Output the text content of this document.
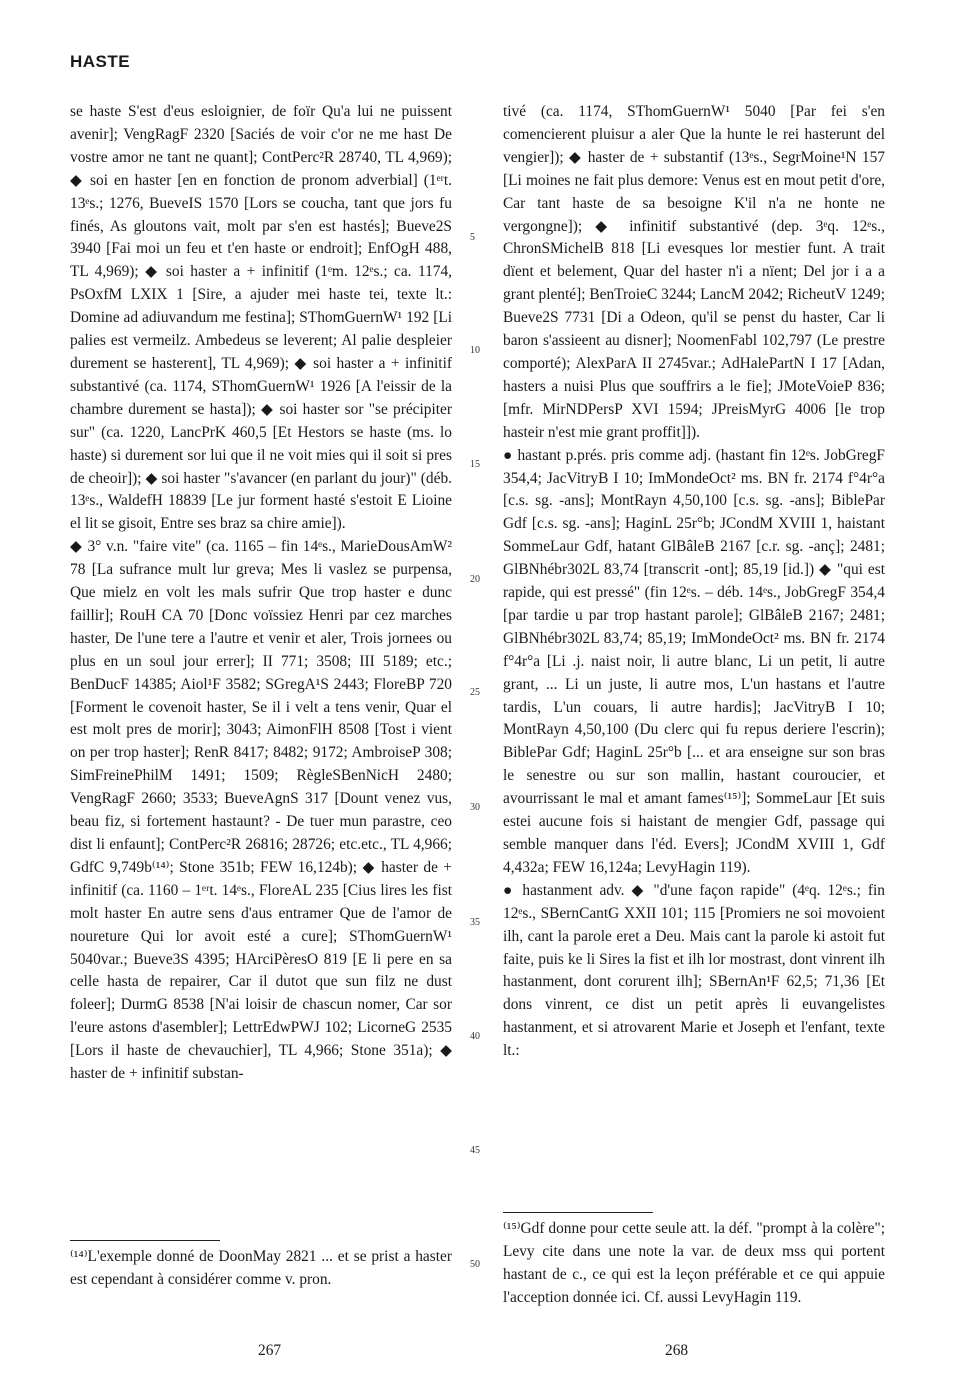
HASTE

se haste S'est d'eus esloignier, de foïr Qu'a lui ne puissent avenir]; VengRagF 2320 [Saciés de voir c'or ne me hast De vostre amor ne tant ne quant]; ContPerc²R 28740, TL 4,969); ◆ soi en haster [en en fonction de pronom adverbial] (1ᵉʳt. 13ᵉs.; 1276, BueveIS 1570 [Lors se coucha, tant que jors fu finés, As gloutons vait, molt par s'en est hastés]; Bueve2S 3940 [Fai moi un feu et t'en haste or endroit]; EnfOgH 488, TL 4,969); ◆ soi haster a + infinitif (1ᵉm. 12ᵉs.; ca. 1174, PsOxfM LXIX 1 [Sire, a ajuder mei haste tei, texte lt.: Domine ad adiuvandum me festina]; SThomGuernW¹ 192 [Li palies est vermeilz. Ambedeus se leverent; Al palie despleier durement se hasterent], TL 4,969); ◆ soi haster a + infinitif substantivé (ca. 1174, SThomGuernW¹ 1926 [A l'eissir de la chambre durement se hasta]); ◆ soi haster sor "se précipiter sur" (ca. 1220, LancPrK 460,5 [Et Hestors se haste (ms. lo haste) si durement sor lui que il ne voit mies qui il soit si pres de cheoir]); ◆ soi haster "s'avancer (en parlant du jour)" (déb. 13ᵉs., WaldefH 18839 [Le jur forment hasté s'estoit E Lioine el lit se gisoit, Entre ses braz sa chire amie]).

◆ 3° v.n. "faire vite" (ca. 1165 – fin 14ᵉs., MarieDousAmW² 78 [La sufrance mult lur greva; Mes li vaslez se purpensa, Que mielz en volt les mals sufrir Que trop haster e dunc faillir]; RouH CA 70 [Donc voïssiez Henri par cez marches haster, De l'une tere a l'autre et venir et aler, Trois jornees ou plus en un soul jour errer]; II 771; 3508; III 5189; etc.; BenDucF 14385; Aiol¹F 3582; SGregA¹S 2443; FloreBP 720 [Forment le covenoit haster, Se il i velt a tens venir, Quar el est molt pres de morir]; 3043; AimonFlH 8508 [Tost i vient on per trop haster]; RenR 8417; 8482; 9172; AmbroiseP 308; SimFreinePhilM 1491; 1509; RègleSBenNicH 2480; VengRagF 2660; 3533; BueveAgnS 317 [Dount venez vus, beau fiz, si fortement hastaunt? - De tuer mun parastre, ceo dist li enfaunt]; ContPerc²R 26816; 28726; etc.etc., TL 4,966; GdfC 9,749b⁽¹⁴⁾; Stone 351b; FEW 16,124b); ◆ haster de + infinitif (ca. 1160 – 1ᵉʳt. 14ᵉs., FloreAL 235 [Cius lires les fist molt haster En autre sens d'aus entramer Que de l'amor de noureture Qui lor avoit esté a cure]; SThomGuernW¹ 5040var.; Bueve3S 4395; HArciPèresO 819 [E li pere en sa celle hasta de repairer, Car il dutot que sun filz ne dust foleer]; DurmG 8538 [N'ai loisir de chascun nomer, Car sor l'eure astons d'asembler]; LettrEdwPWJ 102; LicorneG 2535 [Lors il haste de chevauchier], TL 4,966; Stone 351a); ◆ haster de + infinitif substan-

5
10
15
20
25
30
35
40
45
50

tivé (ca. 1174, SThomGuernW¹ 5040 [Par fei s'en comencierent pluisur a aler Que la hunte le rei hasterunt del vengier]); ◆ haster de + substantif (13ᵉs., SegrMoine¹N 157 [Li moines ne fait plus demore: Venus est en mout petit d'ore, Car tant haste de sa besoigne K'il n'a ne honte ne vergongne]); ◆ infinitif substantivé (dep. 3ᵉq. 12ᵉs., ChronSMichelB 818 [Li evesques lor mestier funt. A trait dïent et belement, Quar del haster n'i a nïent; Del jor i a a grant plenté]; BenTroieC 3244; LancM 2042; RicheutV 1249; Bueve2S 7731 [Di a Odeon, qu'il se penst du haster, Car li baron s'assieent au disner]; NoomenFabl 102,797 (Le prestre comporté); AlexParA II 2745var.; AdHalePartN I 17 [Adan, hasters a nuisi Plus que souffrirs a le fie]; JMoteVoieP 836; [mfr. MirNDPersP XVI 1594; JPreisMyrG 4006 [le trop hasteir n'est mie grant proffit]]).

● hastant p.prés. pris comme adj. (hastant fin 12ᵉs. JobGregF 354,4; JacVitryB I 10; ImMondeOct² ms. BN fr. 2174 f°4r°a [c.s. sg. -ans]; MontRayn 4,50,100 [c.s. sg. -ans]; BiblePar Gdf [c.s. sg. -ans]; HaginL 25r°b; JCondM XVIII 1, haistant SommeLaur Gdf, hatant GlBâleB 2167 [c.r. sg. -anç]; 2481; GlBNhébr302L 83,74 [transcrit -ont]; 85,19 [id.]) ◆ "qui est rapide, qui est pressé" (fin 12ᵉs. – déb. 14ᵉs., JobGregF 354,4 [par tardie u par trop hastant parole]; GlBâleB 2167; 2481; GlBNhébr302L 83,74; 85,19; ImMondeOct² ms. BN fr. 2174 f°4r°a [Li .j. naist noir, li autre blanc, Li un petit, li autre grant, ... Li un juste, li autre mos, L'un hastans et l'autre tardis, L'un couars, li autre hardis]; JacVitryB I 10; MontRayn 4,50,100 (Du clerc qui fu repus deriere l'escrin); BiblePar Gdf; HaginL 25r°b [... et ara enseigne sur son bras le senestre ou sur son mallin, hastant couroucier, et avourrissant le mal et amant fames⁽¹⁵⁾]; SommeLaur [Et suis estei aucune fois si haistant de mengier Gdf, passage qui semble manquer dans l'éd. Evers]; JCondM XVIII 1, Gdf 4,432a; FEW 16,124a; LevyHagin 119).

● hastanment adv. ◆ "d'une façon rapide" (4ᵉq. 12ᵉs.; fin 12ᵉs., SBernCantG XXII 101; 115 [Promiers ne soi movoient ilh, cant la parole eret a Deu. Mais cant la parole ki astoit fut faite, puis ke li Sires la fist et ilh lor mostrast, dont vinrent ilh hastanment, dont corurent ilh]; SBernAn¹F 62,5; 71,36 [Et dons vinrent, ce dist un petit après li euvangelistes hastanment, et si atrovarent Marie et Joseph et l'enfant, texte lt.:

⁽¹⁴⁾L'exemple donné de DoonMay 2821 ... et se prist a haster est cependant à considérer comme v. pron.
⁽¹⁵⁾Gdf donne pour cette seule att. la déf. "prompt à la colère"; Levy cite dans une note la var. de deux mss qui portent hastant de c., ce qui est la leçon préférable et ce qui appuie l'acception donnée ici. Cf. aussi LevyHagin 119.
267	268
